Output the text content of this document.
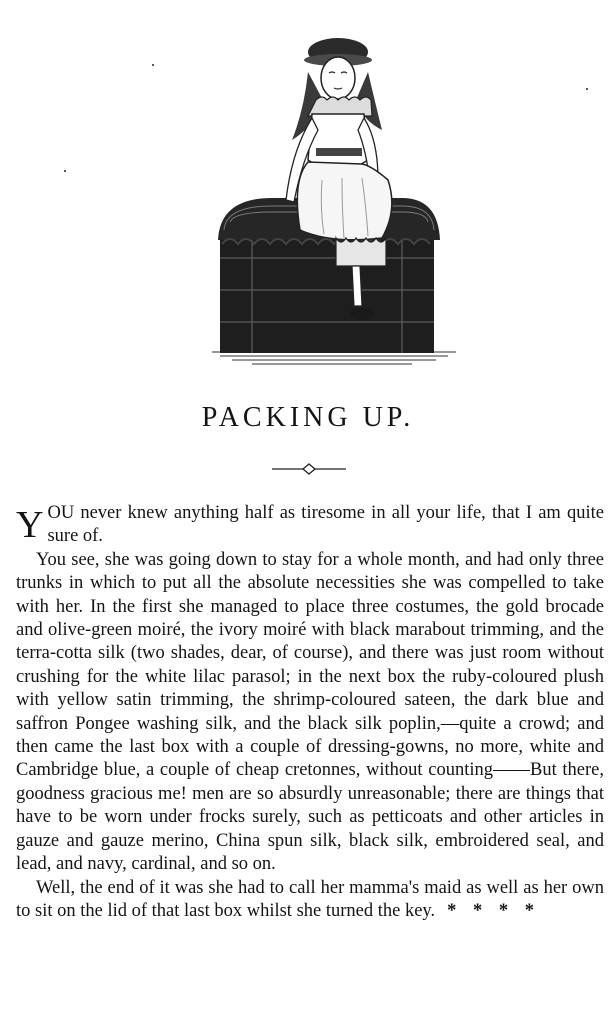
PACKING UP.

YOU never knew anything half as tiresome in all your life, that I am quite sure of.

You see, she was going down to stay for a whole month, and had only three trunks in which to put all the absolute necessities she was compelled to take with her. In the first she managed to place three costumes, the gold brocade and olive-green moiré, the ivory moiré with black marabout trimming, and the terra-cotta silk (two shades, dear, of course), and there was just room without crushing for the white lilac parasol; in the next box the ruby-coloured plush with yellow satin trimming, the shrimp-coloured sateen, the dark blue and saffron Pongee washing silk, and the black silk poplin,—quite a crowd; and then came the last box with a couple of dressing-gowns, no more, white and Cambridge blue, a couple of cheap cretonnes, without counting——But there, goodness gracious me! men are so absurdly unreasonable; there are things that have to be worn under frocks surely, such as petticoats and other articles in gauze and gauze merino, China spun silk, black silk, embroidered seal, and lead, and navy, cardinal, and so on.

Well, the end of it was she had to call her mamma's maid as well as her own to sit on the lid of that last box whilst she turned the key. * * * *
